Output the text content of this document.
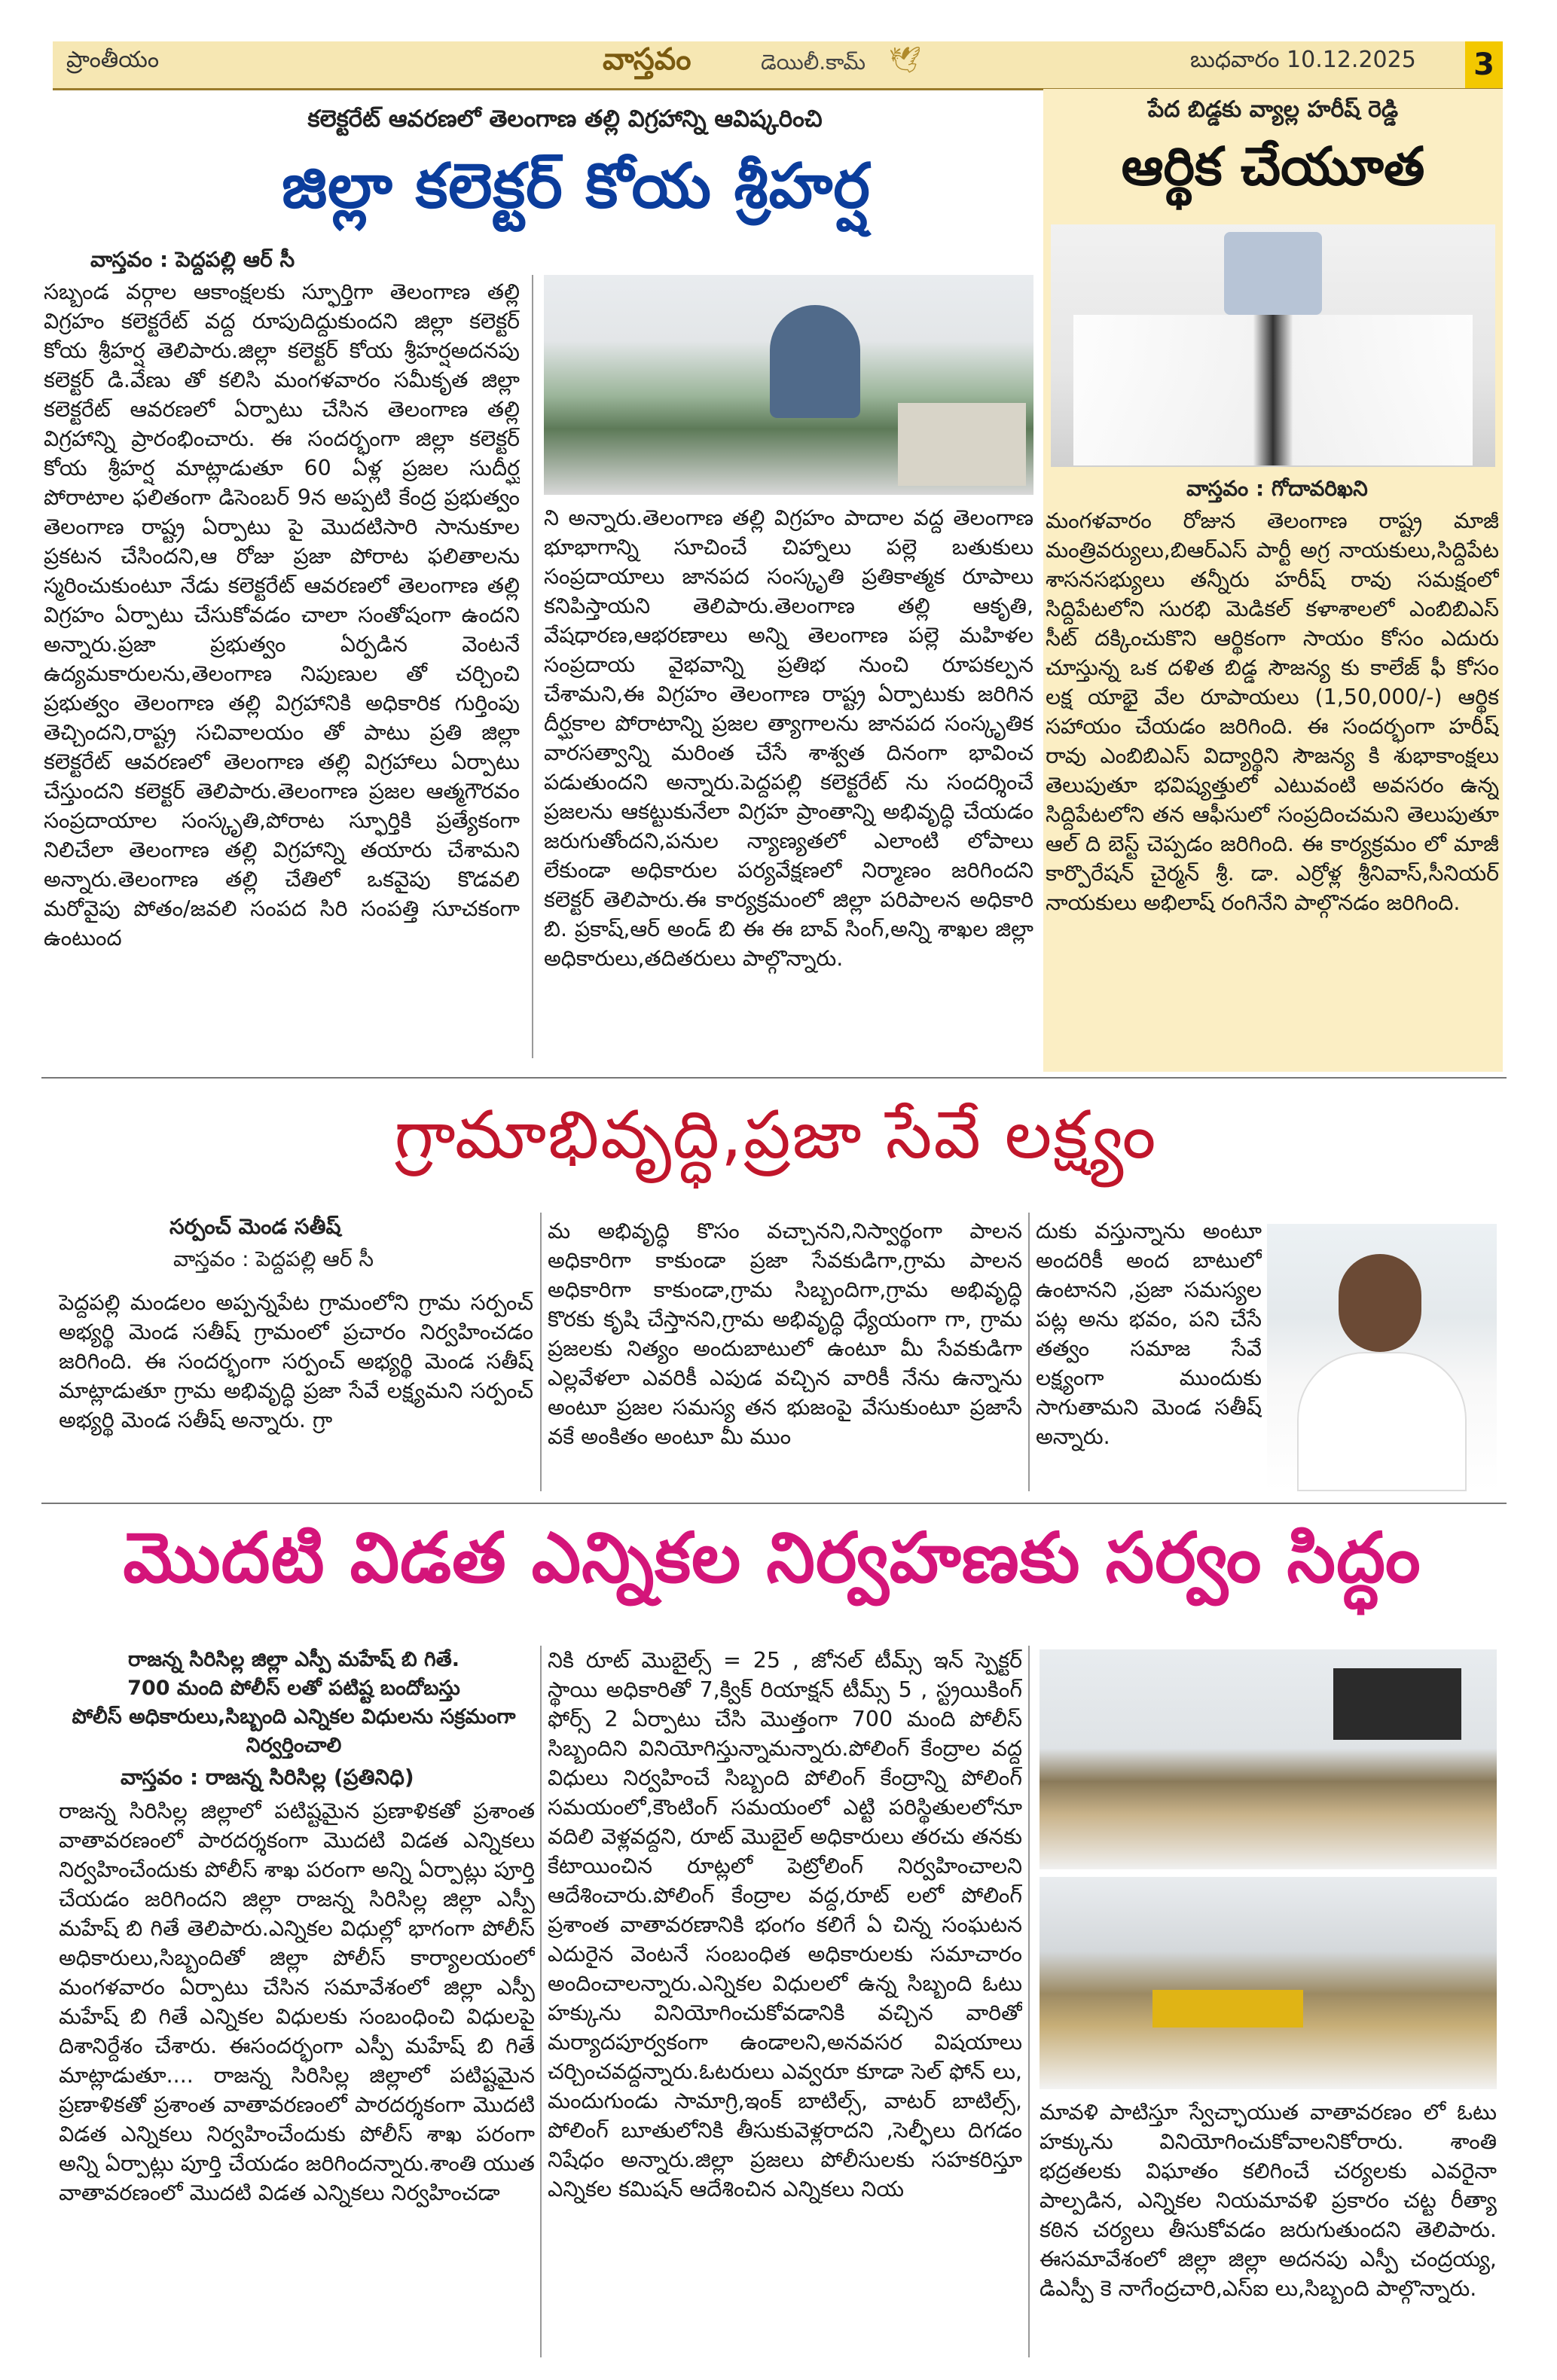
ప్రాంతీయం	వాస్తవం	డెయిలీ.కామ్ 🕊	బుధవారం 10.12.2025 3
కలెక్టరేట్ ఆవరణలో తెలంగాణ తల్లి విగ్రహాన్ని ఆవిష్కరించి
జిల్లా కలెక్టర్ కోయ శ్రీహర్ష
వాస్తవం : పెద్దపల్లి ఆర్ సీ
సబ్బండ వర్గాల ఆకాంక్షలకు స్ఫూర్తిగా తెలంగాణ తల్లి విగ్రహం కలెక్టరేట్ వద్ద రూపుదిద్దుకుందని జిల్లా కలెక్టర్ కోయ శ్రీహర్ష తెలిపారు.జిల్లా కలెక్టర్ కోయ శ్రీహర్షఅదనపు కలెక్టర్ డి.వేణు తో కలిసి మంగళవారం సమీకృత జిల్లా కలెక్టరేట్ ఆవరణలో ఏర్పాటు చేసిన తెలంగాణ తల్లి విగ్రహాన్ని ప్రారంభించారు. ఈ సందర్భంగా జిల్లా కలెక్టర్ కోయ శ్రీహర్ష మాట్లాడుతూ 60 ఏళ్ల ప్రజల సుదీర్ఘ పోరాటాల ఫలితంగా డిసెంబర్ 9న అప్పటి కేంద్ర ప్రభుత్వం తెలంగాణ రాష్ట్ర ఏర్పాటు పై మొదటిసారి సానుకూల ప్రకటన చేసిందని,ఆ రోజు ప్రజా పోరాట ఫలితాలను స్మరించుకుంటూ నేడు కలెక్టరేట్ ఆవరణలో తెలంగాణ తల్లి విగ్రహం ఏర్పాటు చేసుకోవడం చాలా సంతోషంగా ఉందని అన్నారు.ప్రజా ప్రభుత్వం ఏర్పడిన వెంటనే ఉద్యమకారులను,తెలంగాణ నిపుణుల తో చర్చించి ప్రభుత్వం తెలంగాణ తల్లి విగ్రహానికి అధికారిక గుర్తింపు తెచ్చిందని,రాష్ట్ర సచివాలయం తో పాటు ప్రతి జిల్లా కలెక్టరేట్ ఆవరణలో తెలంగాణ తల్లి విగ్రహాలు ఏర్పాటు చేస్తుందని కలెక్టర్ తెలిపారు.తెలంగాణ ప్రజల ఆత్మగౌరవం సంప్రదాయాల సంస్కృతి,పోరాట స్ఫూర్తికి ప్రత్యేకంగా నిలిచేలా తెలంగాణ తల్లి విగ్రహాన్ని తయారు చేశామని అన్నారు.తెలంగాణ తల్లి చేతిలో ఒకవైపు కొడవలి మరోవైపు పోతం/జవలి సంపద సిరి సంపత్తి సూచకంగా ఉంటుంద
ని అన్నారు.తెలంగాణ తల్లి విగ్రహం పాదాల వద్ద తెలంగాణ భూభాగాన్ని సూచించే చిహ్నాలు పల్లె బతుకులు సంప్రదాయాలు జానపద సంస్కృతి ప్రతికాత్మక రూపాలు కనిపిస్తాయని తెలిపారు.తెలంగాణ తల్లి ఆకృతి, వేషధారణ,ఆభరణాలు అన్ని తెలంగాణ పల్లె మహిళల సంప్రదాయ వైభవాన్ని ప్రతిభ నుంచి రూపకల్పన చేశామని,ఈ విగ్రహం తెలంగాణ రాష్ట్ర ఏర్పాటుకు జరిగిన దీర్ఘకాల పోరాటాన్ని ప్రజల త్యాగాలను జానపద సంస్కృతిక వారసత్వాన్ని మరింత చేసే శాశ్వత దినంగా భావించ పడుతుందని అన్నారు.పెద్దపల్లి కలెక్టరేట్ ను సందర్శించే ప్రజలను ఆకట్టుకునేలా విగ్రహ ప్రాంతాన్ని అభివృద్ధి చేయడం జరుగుతోందని,పనుల న్యాణ్యతలో ఎలాంటి లోపాలు లేకుండా అధికారుల పర్యవేక్షణలో నిర్మాణం జరిగిందని కలెక్టర్ తెలిపారు.ఈ కార్యక్రమంలో జిల్లా పరిపాలన అధికారి బి. ప్రకాష్,ఆర్ అండ్ బి ఈ ఈ బావ్ సింగ్,అన్ని శాఖల జిల్లా అధికారులు,తదితరులు పాల్గొన్నారు.
పేద బిడ్డకు వ్యాల్ల హరీష్ రెడ్డి
ఆర్థిక చేయూత
వాస్తవం : గోదావరిఖని
మంగళవారం రోజున తెలంగాణ రాష్ట్ర మాజీ మంత్రివర్యులు,బిఆర్ఎస్ పార్టీ అగ్ర నాయకులు,సిద్దిపేట శాసనసభ్యులు తన్నీరు హరీష్ రావు సమక్షంలో సిద్దిపేటలోని సురభి మెడికల్ కళాశాలలో ఎంబిబిఎస్ సీట్ దక్కించుకొని ఆర్థికంగా సాయం కోసం ఎదురు చూస్తున్న ఒక దళిత బిడ్డ సౌజన్య కు కాలేజ్ ఫీ కోసం లక్ష యాభై వేల రూపాయలు (1,50,000/-) ఆర్థిక సహాయం చేయడం జరిగింది. ఈ సందర్భంగా హరీష్ రావు ఎంబిబిఎస్ విద్యార్థిని సౌజన్య కి శుభాకాంక్షలు తెలుపుతూ భవిష్యత్తులో ఎటువంటి అవసరం ఉన్న సిద్దిపేటలోని తన ఆఫీసులో సంప్రదించమని తెలుపుతూ ఆల్ ది బెస్ట్ చెప్పడం జరిగింది. ఈ కార్యక్రమం లో మాజీ కార్పొరేషన్ చైర్మన్ శ్రీ. డా. ఎర్రోళ్ల శ్రీనివాస్,సీనియర్ నాయకులు అభిలాష్ రంగినేని పాల్గొనడం జరిగింది.
గ్రామాభివృద్ధి,ప్రజా సేవే లక్ష్యం
సర్పంచ్ మెండ సతీష్
వాస్తవం : పెద్దపల్లి ఆర్ సీ
పెద్దపల్లి మండలం అప్పన్నపేట గ్రామంలోని గ్రామ సర్పంచ్ అభ్యర్థి మెండ సతీష్ గ్రామంలో ప్రచారం నిర్వహించడం జరిగింది. ఈ సందర్భంగా సర్పంచ్ అభ్యర్థి మెండ సతీష్ మాట్లాడుతూ గ్రామ అభివృద్ధి ప్రజా సేవే లక్ష్యమని సర్పంచ్ అభ్యర్థి మెండ సతీష్ అన్నారు. గ్రా
మ అభివృద్ధి కొసం వచ్చానని,నిస్వార్థంగా పాలన అధికారిగా కాకుండా ప్రజా సేవకుడిగా,గ్రామ పాలన అధికారిగా కాకుండా,గ్రామ సిబ్బందిగా,గ్రామ అభివృద్ధి కొరకు కృషి చేస్తానని,గ్రామ అభివృద్ధి ధ్యేయంగా గా, గ్రామ ప్రజలకు నిత్యం అందుబాటులో ఉంటూ మీ సేవకుడిగా ఎల్లవేళలా ఎవరికీ ఎపుడ వచ్చిన వారికీ నేను ఉన్నాను అంటూ ప్రజల సమస్య తన భుజంపై వేసుకుంటూ ప్రజాసే వకే అంకితం అంటూ మీ ముం
దుకు వస్తున్నాను అంటూ అందరికీ అంద బాటులో ఉంటానని ,ప్రజా సమస్యల పట్ల అను భవం, పని చేసే తత్వం సమాజ సేవే లక్ష్యంగా ముందుకు సాగుతామని మెండ సతీష్ అన్నారు.
మొదటి విడత ఎన్నికల నిర్వహణకు సర్వం సిద్ధం
రాజన్న సిరిసిల్ల జిల్లా ఎస్పీ మహేష్ బి గితే.
700 మంది పోలీస్ లతో పటిష్ట బందోబస్తు
పోలీస్ అధికారులు,సిబ్బంది ఎన్నికల విధులను సక్రమంగా
నిర్వర్తించాలి
వాస్తవం : రాజన్న సిరిసిల్ల (ప్రతినిధి)
రాజన్న సిరిసిల్ల జిల్లాలో పటిష్టమైన ప్రణాళికతో ప్రశాంత వాతావరణంలో పారదర్శకంగా మొదటి విడత ఎన్నికలు నిర్వహించేందుకు పోలీస్ శాఖ పరంగా అన్ని ఏర్పాట్లు పూర్తి చేయడం జరిగిందని జిల్లా రాజన్న సిరిసిల్ల జిల్లా ఎస్పీ మహేష్ బి గితే తెలిపారు.ఎన్నికల విధుల్లో భాగంగా పోలీస్ అధికారులు,సిబ్బందితో జిల్లా పోలీస్ కార్యాలయంలో మంగళవారం ఏర్పాటు చేసిన సమావేశంలో జిల్లా ఎస్పీ మహేష్ బి గితే ఎన్నికల విధులకు సంబంధించి విధులపై దిశానిర్దేశం చేశారు. ఈసందర్భంగా ఎస్పీ మహేష్ బి గితే మాట్లాడుతూ.... రాజన్న సిరిసిల్ల జిల్లాలో పటిష్టమైన ప్రణాళికతో ప్రశాంత వాతావరణంలో పారదర్శకంగా మొదటి విడత ఎన్నికలు నిర్వహించేందుకు పోలీస్ శాఖ పరంగా అన్ని ఏర్పాట్లు పూర్తి చేయడం జరిగిందన్నారు.శాంతి యుత వాతావరణంలో మొదటి విడత ఎన్నికలు నిర్వహించడా
నికి రూట్ మొబైల్స్ = 25 , జోనల్ టీమ్స్ ఇన్ స్పెక్టర్ స్థాయి అధికారితో 7,క్విక్ రియాక్షన్ టీమ్స్ 5 , స్ట్రయికింగ్ ఫోర్స్ 2 ఏర్పాటు చేసి మొత్తంగా 700 మంది పోలీస్ సిబ్బందిని వినియోగిస్తున్నామన్నారు.పోలింగ్ కేంద్రాల వద్ద విధులు నిర్వహించే సిబ్బంది పోలింగ్ కేంద్రాన్ని పోలింగ్ సమయంలో,కౌంటింగ్ సమయంలో ఎట్టి పరిస్థితులలోనూ వదిలి వెళ్లవద్దని, రూట్ మొబైల్ అధికారులు తరచు తనకు కేటాయించిన రూట్లలో పెట్రోలింగ్ నిర్వహించాలని ఆదేశించారు.పోలింగ్ కేంద్రాల వద్ద,రూట్ లలో పోలింగ్ ప్రశాంత వాతావరణానికి భంగం కలిగే ఏ చిన్న సంఘటన ఎదురైన వెంటనే సంబంధిత అధికారులకు సమాచారం అందించాలన్నారు.ఎన్నికల విధులలో ఉన్న సిబ్బంది ఓటు హక్కును వినియోగించుకోవడానికి వచ్చిన వారితో మర్యాదపూర్వకంగా ఉండాలని,అనవసర విషయాలు చర్చించవద్దన్నారు.ఓటరులు ఎవ్వరూ కూడా సెల్ ఫోన్ లు, మందుగుండు సామాగ్రి,ఇంక్ బాటిల్స్, వాటర్ బాటిల్స్, పోలింగ్ బూతులోనికి తీసుకువెళ్లరాదని ,సెల్ఫీలు దిగడం నిషేధం అన్నారు.జిల్లా ప్రజలు పోలీసులకు సహకరిస్తూ ఎన్నికల కమిషన్ ఆదేశించిన ఎన్నికలు నియ
మావళి పాటిస్తూ స్వేచ్ఛాయుత వాతావరణం లో ఓటు హక్కును వినియోగించుకోవాలనికోరారు. శాంతి భద్రతలకు విఘాతం కలిగించే చర్యలకు ఎవరైనా పాల్పడిన, ఎన్నికల నియమావళి ప్రకారం చట్ట రీత్యా కఠిన చర్యలు తీసుకోవడం జరుగుతుందని తెలిపారు. ఈసమావేశంలో జిల్లా జిల్లా అదనపు ఎస్పీ చంద్రయ్య, డిఎస్పీ కె నాగేంద్రచారి,ఎస్ఐ లు,సిబ్బంది పాల్గొన్నారు.
